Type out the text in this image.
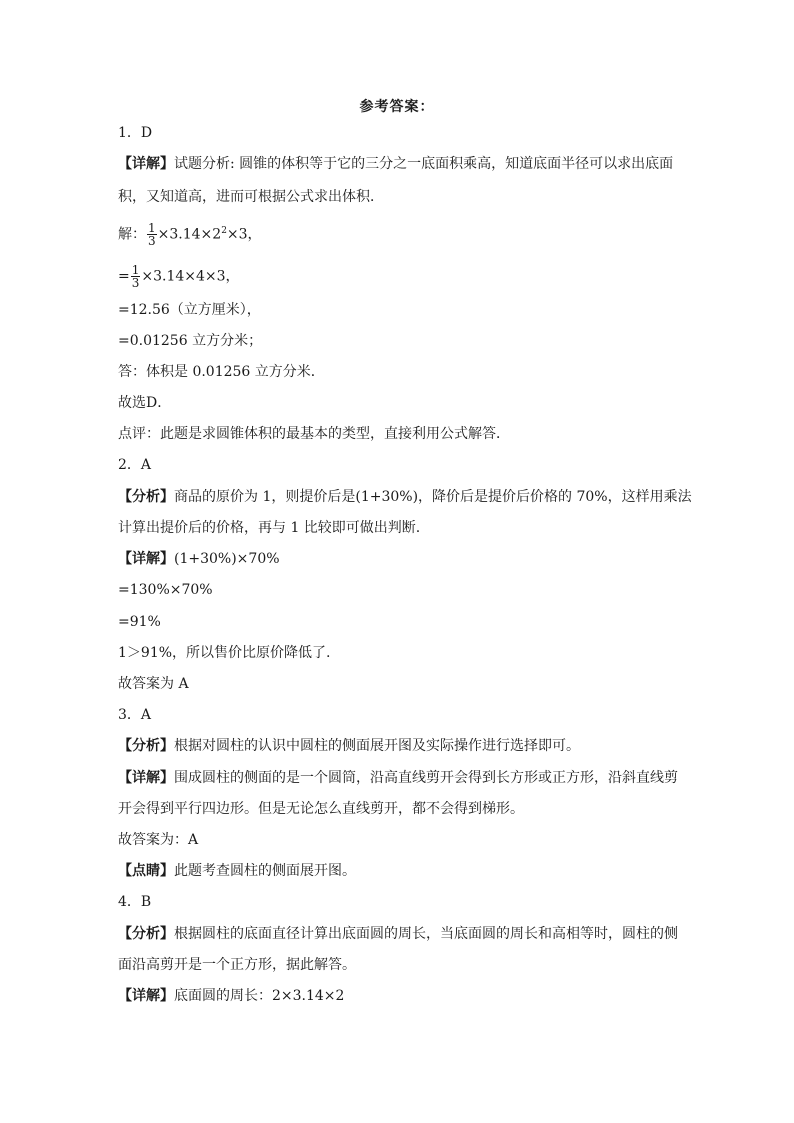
参考答案：
1．D
【详解】试题分析: 圆锥的体积等于它的三分之一底面积乘高，知道底面半径可以求出底面
积，又知道高，进而可根据公式求出体积．
解： $\frac{1}{3} \times 3.14\times 2^2\times 3$，
= $\frac{1}{3} \times 3.14\times 4\times 3$，
=12.56（立方厘米），
=0.01256 立方分米；
答：体积是 0.01256 立方分米．
故选D．
点评：此题是求圆锥体积的最基本的类型，直接利用公式解答．
2．A
【分析】商品的原价为 1，则提价后是(1+30%)，降价后是提价后价格的 70%，这样用乘法
计算出提价后的价格，再与 1 比较即可做出判断.
【详解】(1+30%)×70%
=130%×70%
=91%
1＞91%，所以售价比原价降低了.
故答案为 A
3．A
【分析】根据对圆柱的认识中圆柱的侧面展开图及实际操作进行选择即可。
【详解】围成圆柱的侧面的是一个圆筒，沿高直线剪开会得到长方形或正方形，沿斜直线剪
开会得到平行四边形。但是无论怎么直线剪开，都不会得到梯形。
故答案为：A
【点睛】此题考查圆柱的侧面展开图。
4．B
【分析】根据圆柱的底面直径计算出底面圆的周长，当底面圆的周长和高相等时，圆柱的侧
面沿高剪开是一个正方形，据此解答。
【详解】底面圆的周长：2×3.14×2
